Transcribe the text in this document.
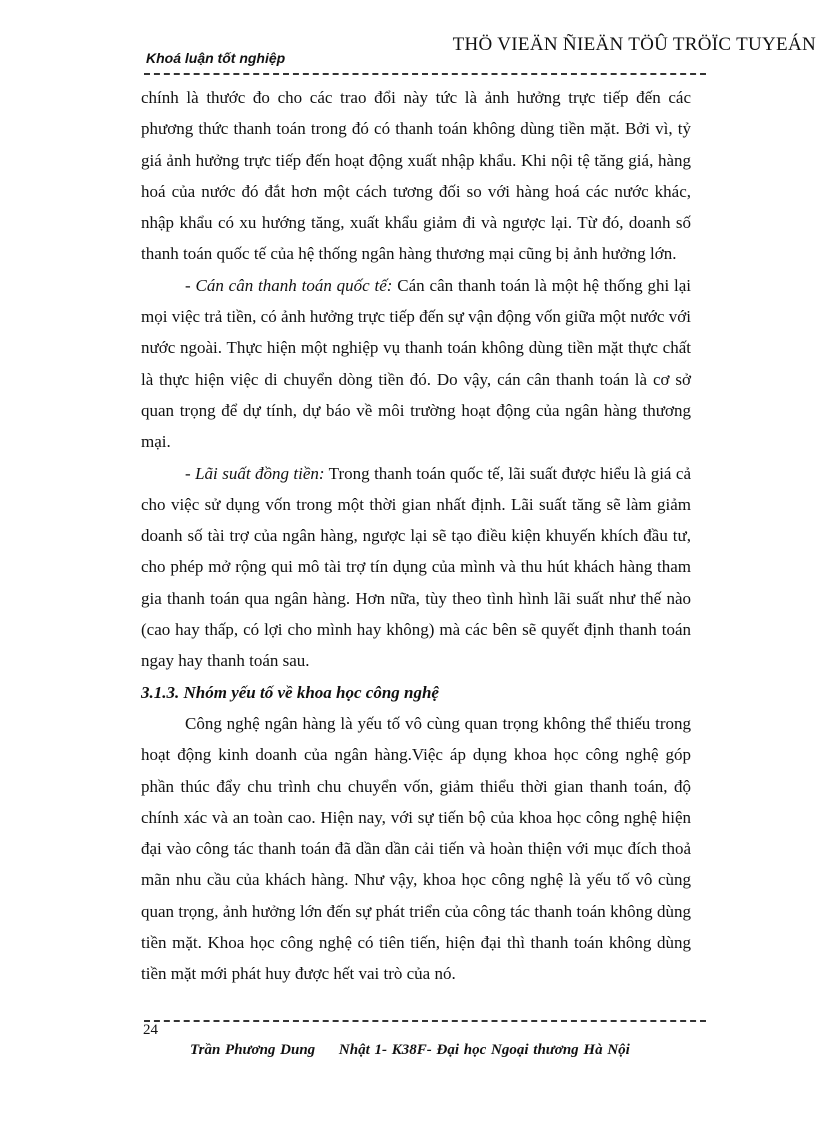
Khoá luận tốt nghiệp
THÖ VIEÄN ÑIEÄN TÖÛ TRÖÏC TUYEÁN

chính là thước đo cho các trao đổi này tức là ảnh hưởng trực tiếp đến các phương thức thanh toán trong đó có thanh toán không dùng tiền mặt. Bởi vì, tỷ giá ảnh hưởng trực tiếp đến hoạt động xuất nhập khẩu. Khi nội tệ tăng giá, hàng hoá của nước đó đắt hơn một cách tương đối so với hàng hoá các nước khác, nhập khẩu có xu hướng tăng, xuất khẩu giảm đi và ngược lại. Từ đó, doanh số thanh toán quốc tế của hệ thống ngân hàng thương mại cũng bị ảnh hưởng lớn.

- Cán cân thanh toán quốc tế: Cán cân thanh toán là một hệ thống ghi lại mọi việc trả tiền, có ảnh hưởng trực tiếp đến sự vận động vốn giữa một nước với nước ngoài. Thực hiện một nghiệp vụ thanh toán không dùng tiền mặt thực chất là thực hiện việc di chuyển dòng tiền đó. Do vậy, cán cân thanh toán là cơ sở quan trọng để dự tính, dự báo về môi trường hoạt động của ngân hàng thương mại.

- Lãi suất đồng tiền: Trong thanh toán quốc tế, lãi suất được hiểu là giá cả cho việc sử dụng vốn trong một thời gian nhất định. Lãi suất tăng sẽ làm giảm doanh số tài trợ của ngân hàng, ngược lại sẽ tạo điều kiện khuyến khích đầu tư, cho phép mở rộng qui mô tài trợ tín dụng của mình và thu hút khách hàng tham gia thanh toán qua ngân hàng. Hơn nữa, tùy theo tình hình lãi suất như thế nào (cao hay thấp, có lợi cho mình hay không) mà các bên sẽ quyết định thanh toán ngay hay thanh toán sau.

3.1.3. Nhóm yếu tố về khoa học công nghệ

Công nghệ ngân hàng là yếu tố vô cùng quan trọng không thể thiếu trong hoạt động kinh doanh của ngân hàng.Việc áp dụng khoa học công nghệ góp phần thúc đẩy chu trình chu chuyển vốn, giảm thiểu thời gian thanh toán, độ chính xác và an toàn cao. Hiện nay, với sự tiến bộ của khoa học công nghệ hiện đại vào công tác thanh toán đã dần dần cải tiến và hoàn thiện với mục đích thoả mãn nhu cầu của khách hàng. Như vậy, khoa học công nghệ là yếu tố vô cùng quan trọng, ảnh hưởng lớn đến sự phát triển của công tác thanh toán không dùng tiền mặt. Khoa học công nghệ có tiên tiến, hiện đại thì thanh toán không dùng tiền mặt mới phát huy được hết vai trò của nó.

24
Trần Phương Dung     Nhật 1- K38F- Đại học Ngoại thương Hà Nội
